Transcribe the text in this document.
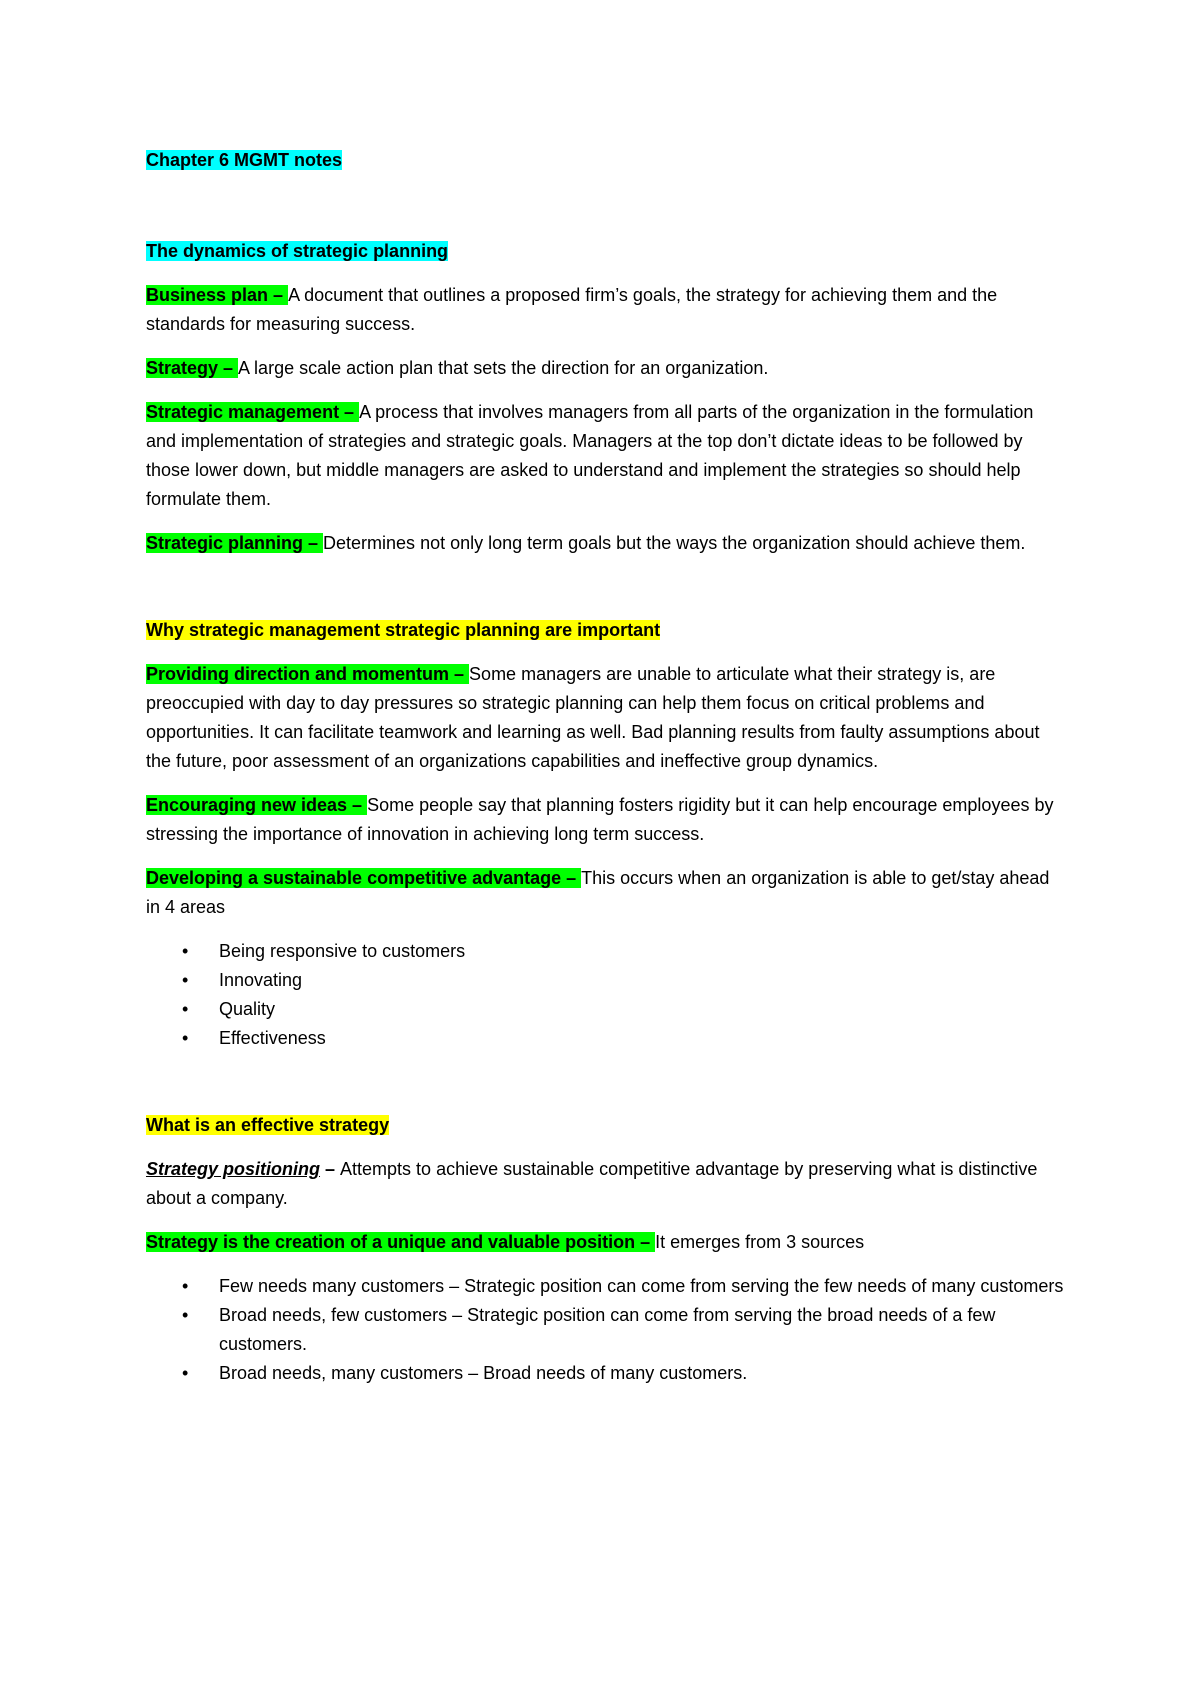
Chapter 6 MGMT notes

The dynamics of strategic planning

Business plan – A document that outlines a proposed firm’s goals, the strategy for achieving them and the standards for measuring success.

Strategy – A large scale action plan that sets the direction for an organization.

Strategic management – A process that involves managers from all parts of the organization in the formulation and implementation of strategies and strategic goals. Managers at the top don’t dictate ideas to be followed by those lower down, but middle managers are asked to understand and implement the strategies so should help formulate them.

Strategic planning – Determines not only long term goals but the ways the organization should achieve them.

Why strategic management strategic planning are important

Providing direction and momentum – Some managers are unable to articulate what their strategy is, are preoccupied with day to day pressures so strategic planning can help them focus on critical problems and opportunities. It can facilitate teamwork and learning as well. Bad planning results from faulty assumptions about the future, poor assessment of an organizations capabilities and ineffective group dynamics.

Encouraging new ideas – Some people say that planning fosters rigidity but it can help encourage employees by stressing the importance of innovation in achieving long term success.

Developing a sustainable competitive advantage – This occurs when an organization is able to get/stay ahead in 4 areas

• Being responsive to customers
• Innovating
• Quality
• Effectiveness

What is an effective strategy

Strategy positioning – Attempts to achieve sustainable competitive advantage by preserving what is distinctive about a company.

Strategy is the creation of a unique and valuable position – It emerges from 3 sources

• Few needs many customers – Strategic position can come from serving the few needs of many customers
• Broad needs, few customers – Strategic position can come from serving the broad needs of a few customers.
• Broad needs, many customers – Broad needs of many customers.
